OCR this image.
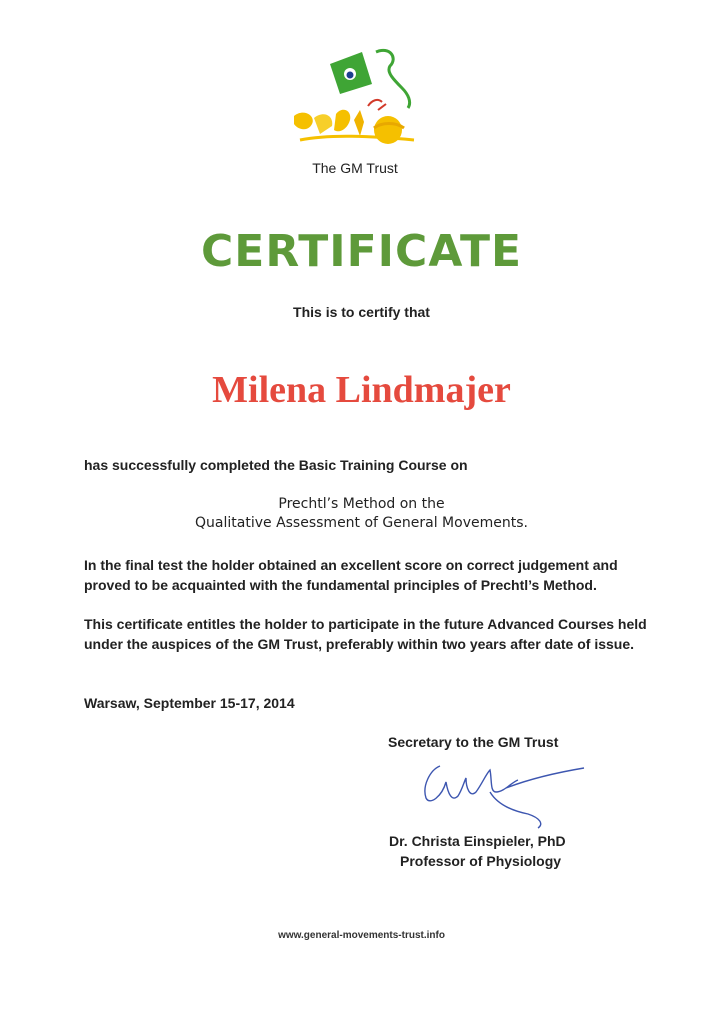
The GM Trust
CERTIFICATE
This is to certify that
Milena Lindmajer
has successfully completed the Basic Training Course on
Prechtl’s Method on the
Qualitative Assessment of General Movements.
In the final test the holder obtained an excellent score on correct judgement and proved to be acquainted with the fundamental principles of Prechtl’s Method.
This certificate entitles the holder to participate in the future Advanced Courses held under the auspices of the GM Trust, preferably within two years after date of issue.
Warsaw, September 15-17, 2014
Secretary to the GM Trust
Dr. Christa Einspieler, PhD
Professor of Physiology
www.general-movements-trust.info
